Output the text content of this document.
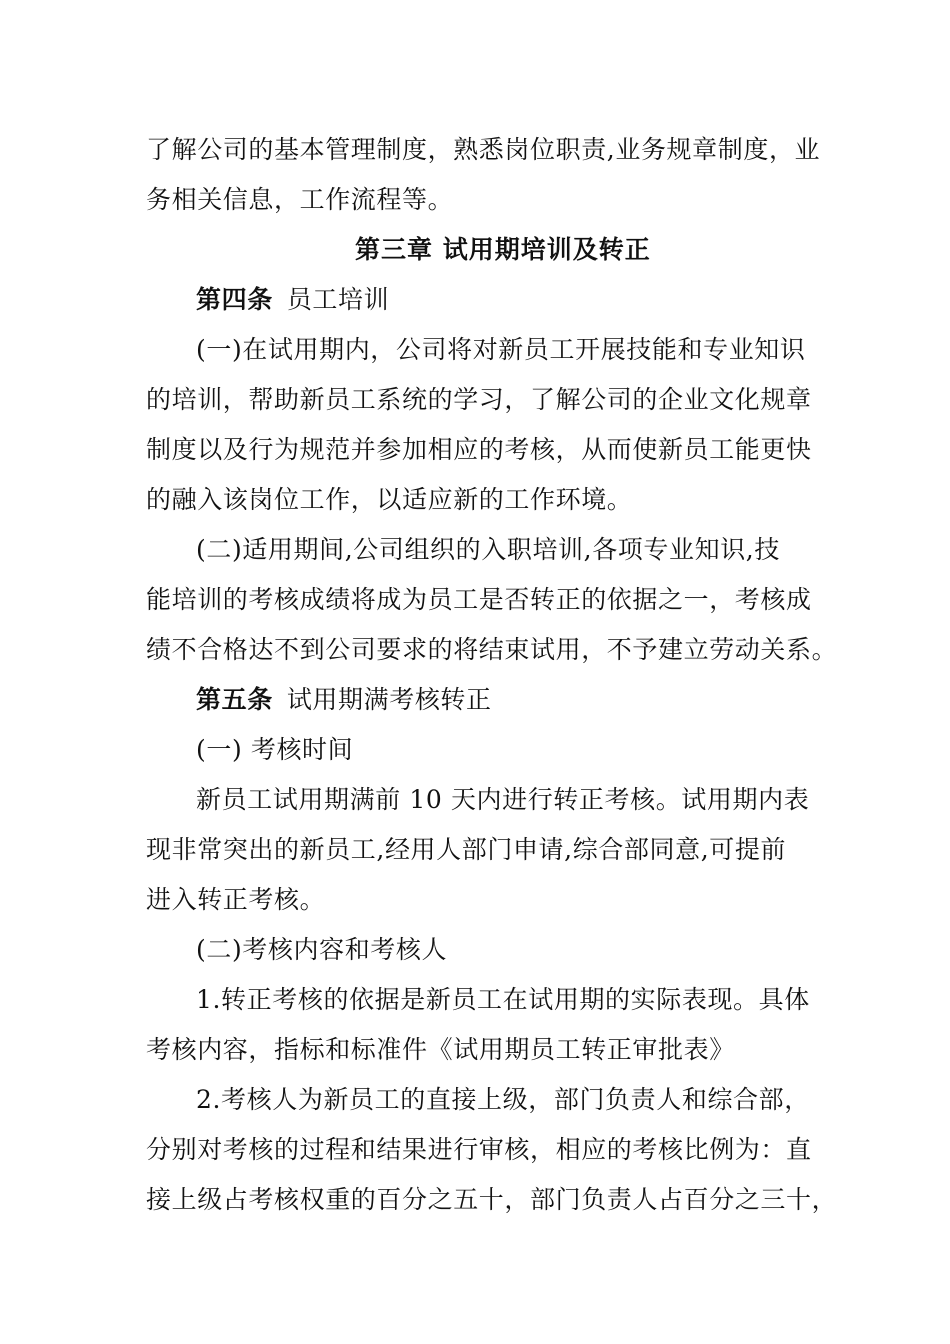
了解公司的基本管理制度，熟悉岗位职责,业务规章制度，业
务相关信息，工作流程等。
第三章 试用期培训及转正
第四条 员工培训
(一)在试用期内，公司将对新员工开展技能和专业知识
的培训，帮助新员工系统的学习，了解公司的企业文化规章
制度以及行为规范并参加相应的考核，从而使新员工能更快
的融入该岗位工作，以适应新的工作环境。
(二)适用期间,公司组织的入职培训,各项专业知识,技
能培训的考核成绩将成为员工是否转正的依据之一，考核成
绩不合格达不到公司要求的将结束试用，不予建立劳动关系。
第五条 试用期满考核转正
(一) 考核时间
新员工试用期满前 10 天内进行转正考核。试用期内表
现非常突出的新员工,经用人部门申请,综合部同意,可提前
进入转正考核。
(二)考核内容和考核人
1.转正考核的依据是新员工在试用期的实际表现。具体
考核内容，指标和标准件《试用期员工转正审批表》
2.考核人为新员工的直接上级，部门负责人和综合部，
分别对考核的过程和结果进行审核，相应的考核比例为：直
接上级占考核权重的百分之五十，部门负责人占百分之三十，
